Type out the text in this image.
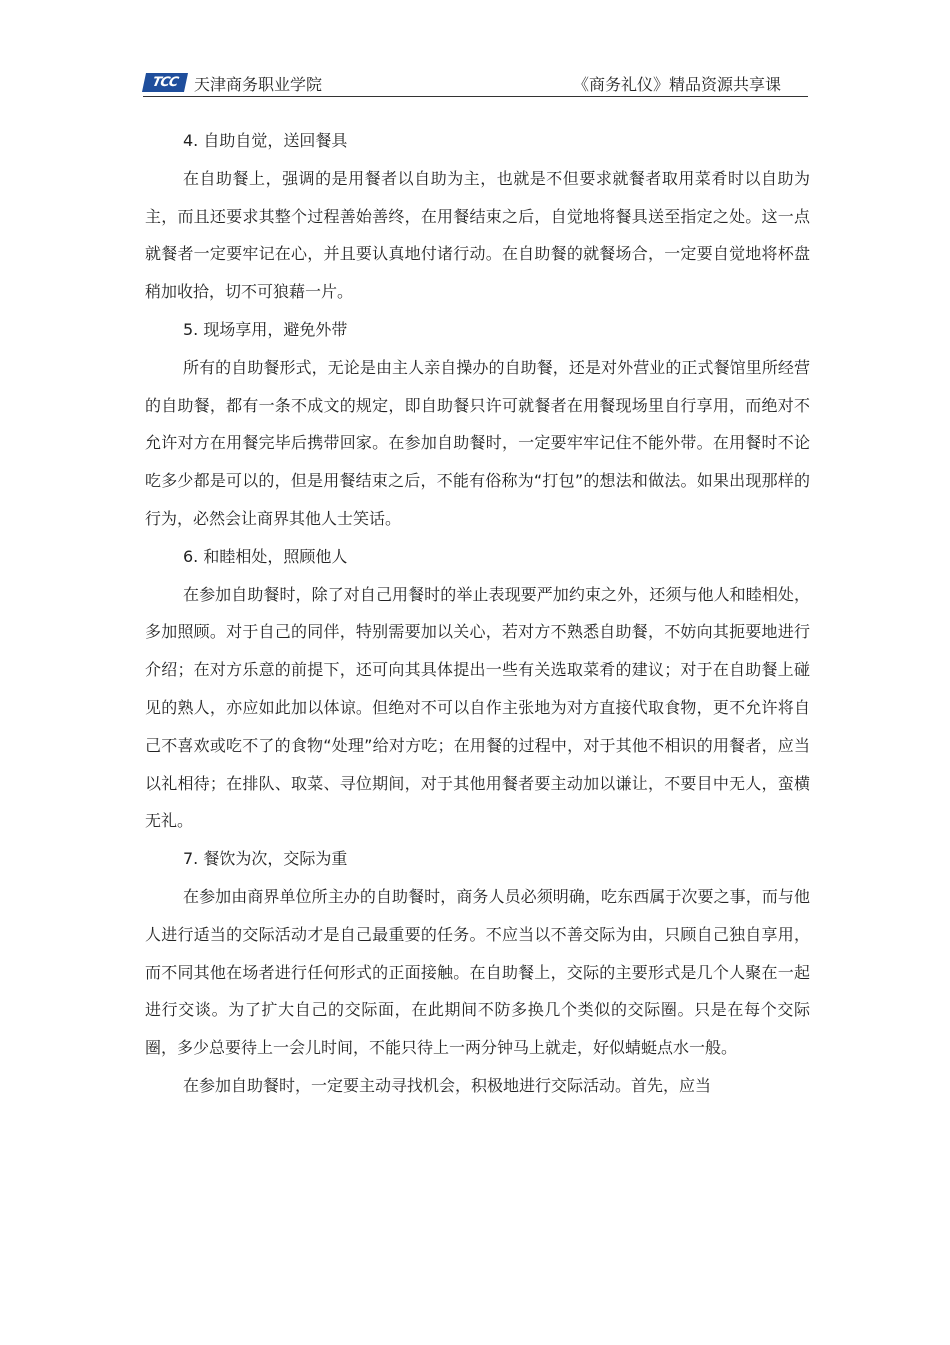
TCC 天津商务职业学院	《商务礼仪》精品资源共享课

4. 自助自觉，送回餐具

在自助餐上，强调的是用餐者以自助为主，也就是不但要求就餐者取用菜肴时以自助为主，而且还要求其整个过程善始善终，在用餐结束之后，自觉地将餐具送至指定之处。这一点就餐者一定要牢记在心，并且要认真地付诸行动。在自助餐的就餐场合，一定要自觉地将杯盘稍加收拾，切不可狼藉一片。

5. 现场享用，避免外带

所有的自助餐形式，无论是由主人亲自操办的自助餐，还是对外营业的正式餐馆里所经营的自助餐，都有一条不成文的规定，即自助餐只许可就餐者在用餐现场里自行享用，而绝对不允许对方在用餐完毕后携带回家。在参加自助餐时，一定要牢牢记住不能外带。在用餐时不论吃多少都是可以的，但是用餐结束之后，不能有俗称为“打包”的想法和做法。如果出现那样的行为，必然会让商界其他人士笑话。

6. 和睦相处，照顾他人

在参加自助餐时，除了对自己用餐时的举止表现要严加约束之外，还须与他人和睦相处，多加照顾。对于自己的同伴，特别需要加以关心，若对方不熟悉自助餐，不妨向其扼要地进行介绍；在对方乐意的前提下，还可向其具体提出一些有关选取菜肴的建议；对于在自助餐上碰见的熟人，亦应如此加以体谅。但绝对不可以自作主张地为对方直接代取食物，更不允许将自己不喜欢或吃不了的食物“处理”给对方吃；在用餐的过程中，对于其他不相识的用餐者，应当以礼相待；在排队、取菜、寻位期间，对于其他用餐者要主动加以谦让，不要目中无人，蛮横无礼。

7. 餐饮为次，交际为重

在参加由商界单位所主办的自助餐时，商务人员必须明确，吃东西属于次要之事，而与他人进行适当的交际活动才是自己最重要的任务。不应当以不善交际为由，只顾自己独自享用，而不同其他在场者进行任何形式的正面接触。在自助餐上，交际的主要形式是几个人聚在一起进行交谈。为了扩大自己的交际面，在此期间不防多换几个类似的交际圈。只是在每个交际圈，多少总要待上一会儿时间，不能只待上一两分钟马上就走，好似蜻蜓点水一般。

在参加自助餐时，一定要主动寻找机会，积极地进行交际活动。首先，应当
